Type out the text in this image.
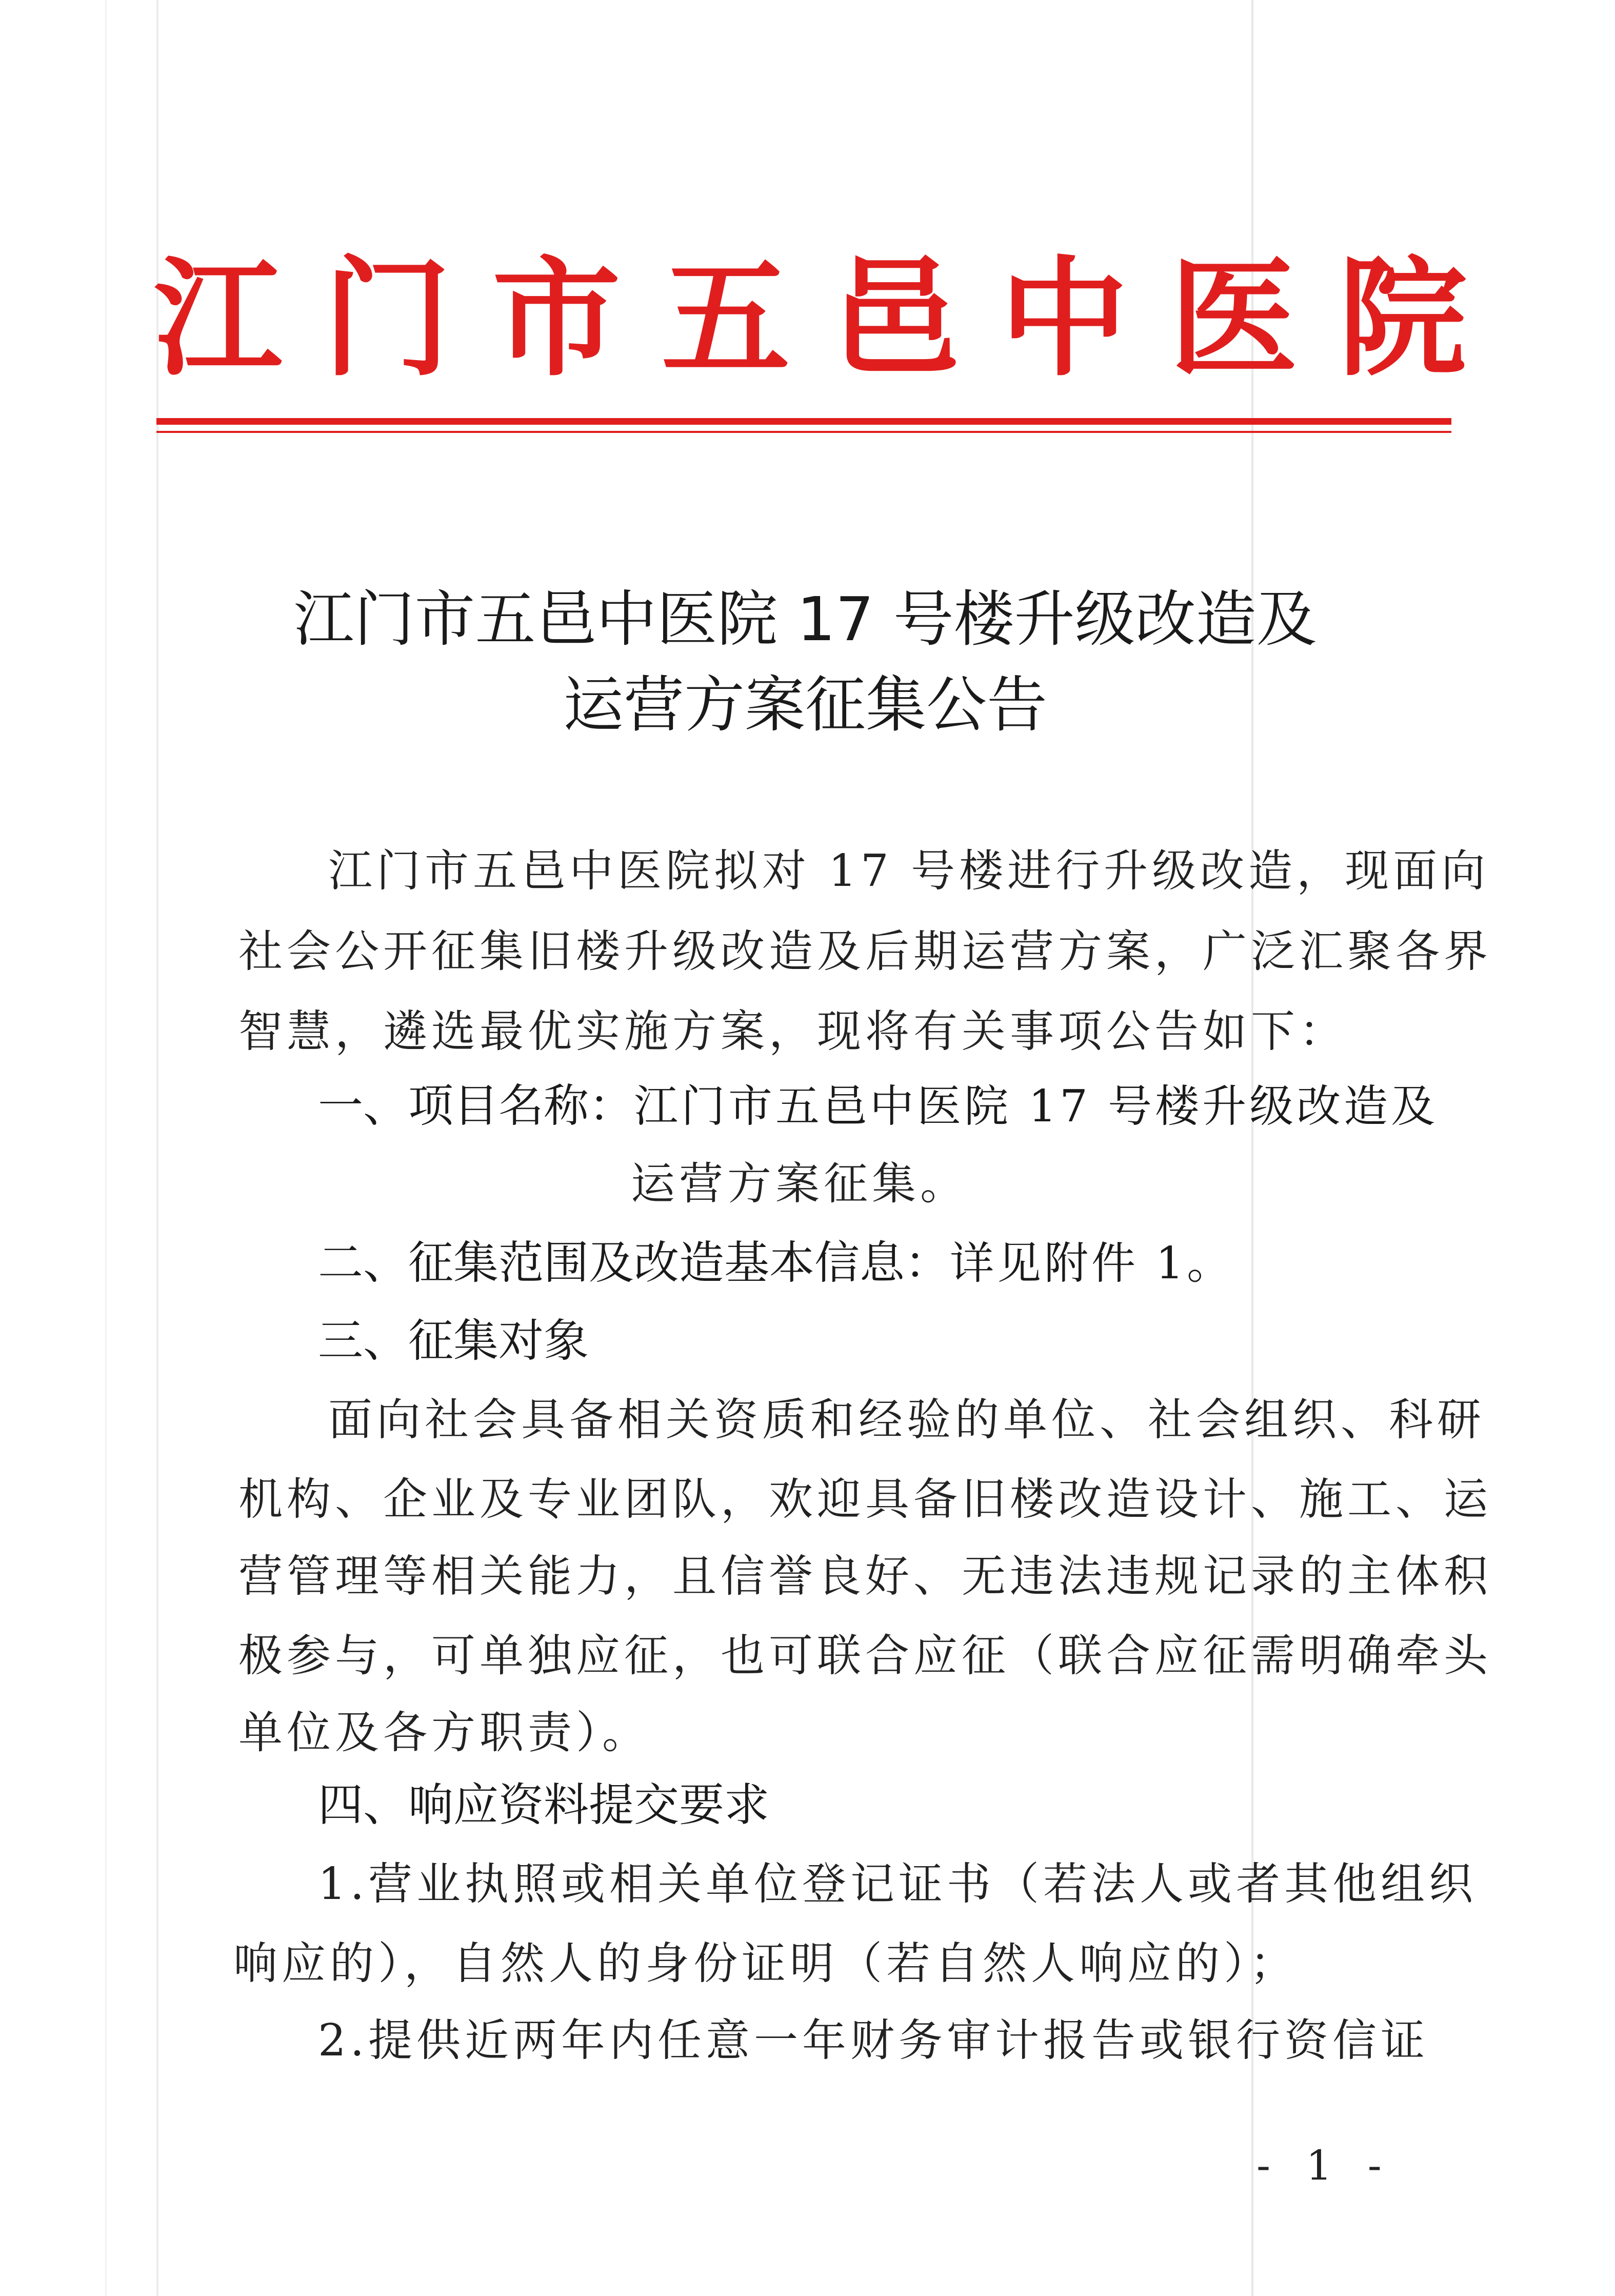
江 门 市 五 邑 中 医 院
江门市五邑中医院 17 号楼升级改造及
运营方案征集公告
江门市五邑中医院拟对 17 号楼进行升级改造，现面向
社会公开征集旧楼升级改造及后期运营方案，广泛汇聚各界
智慧，遴选最优实施方案，现将有关事项公告如下：
一、项目名称：江门市五邑中医院 17 号楼升级改造及
运营方案征集。
二、征集范围及改造基本信息：详见附件 1。
三、征集对象
面向社会具备相关资质和经验的单位、社会组织、科研
机构、企业及专业团队，欢迎具备旧楼改造设计、施工、运
营管理等相关能力，且信誉良好、无违法违规记录的主体积
极参与，可单独应征，也可联合应征（联合应征需明确牵头
单位及各方职责）。
四、响应资料提交要求
1.营业执照或相关单位登记证书（若法人或者其他组织
响应的），自然人的身份证明（若自然人响应的）；
2.提供近两年内任意一年财务审计报告或银行资信证
- 1 -
